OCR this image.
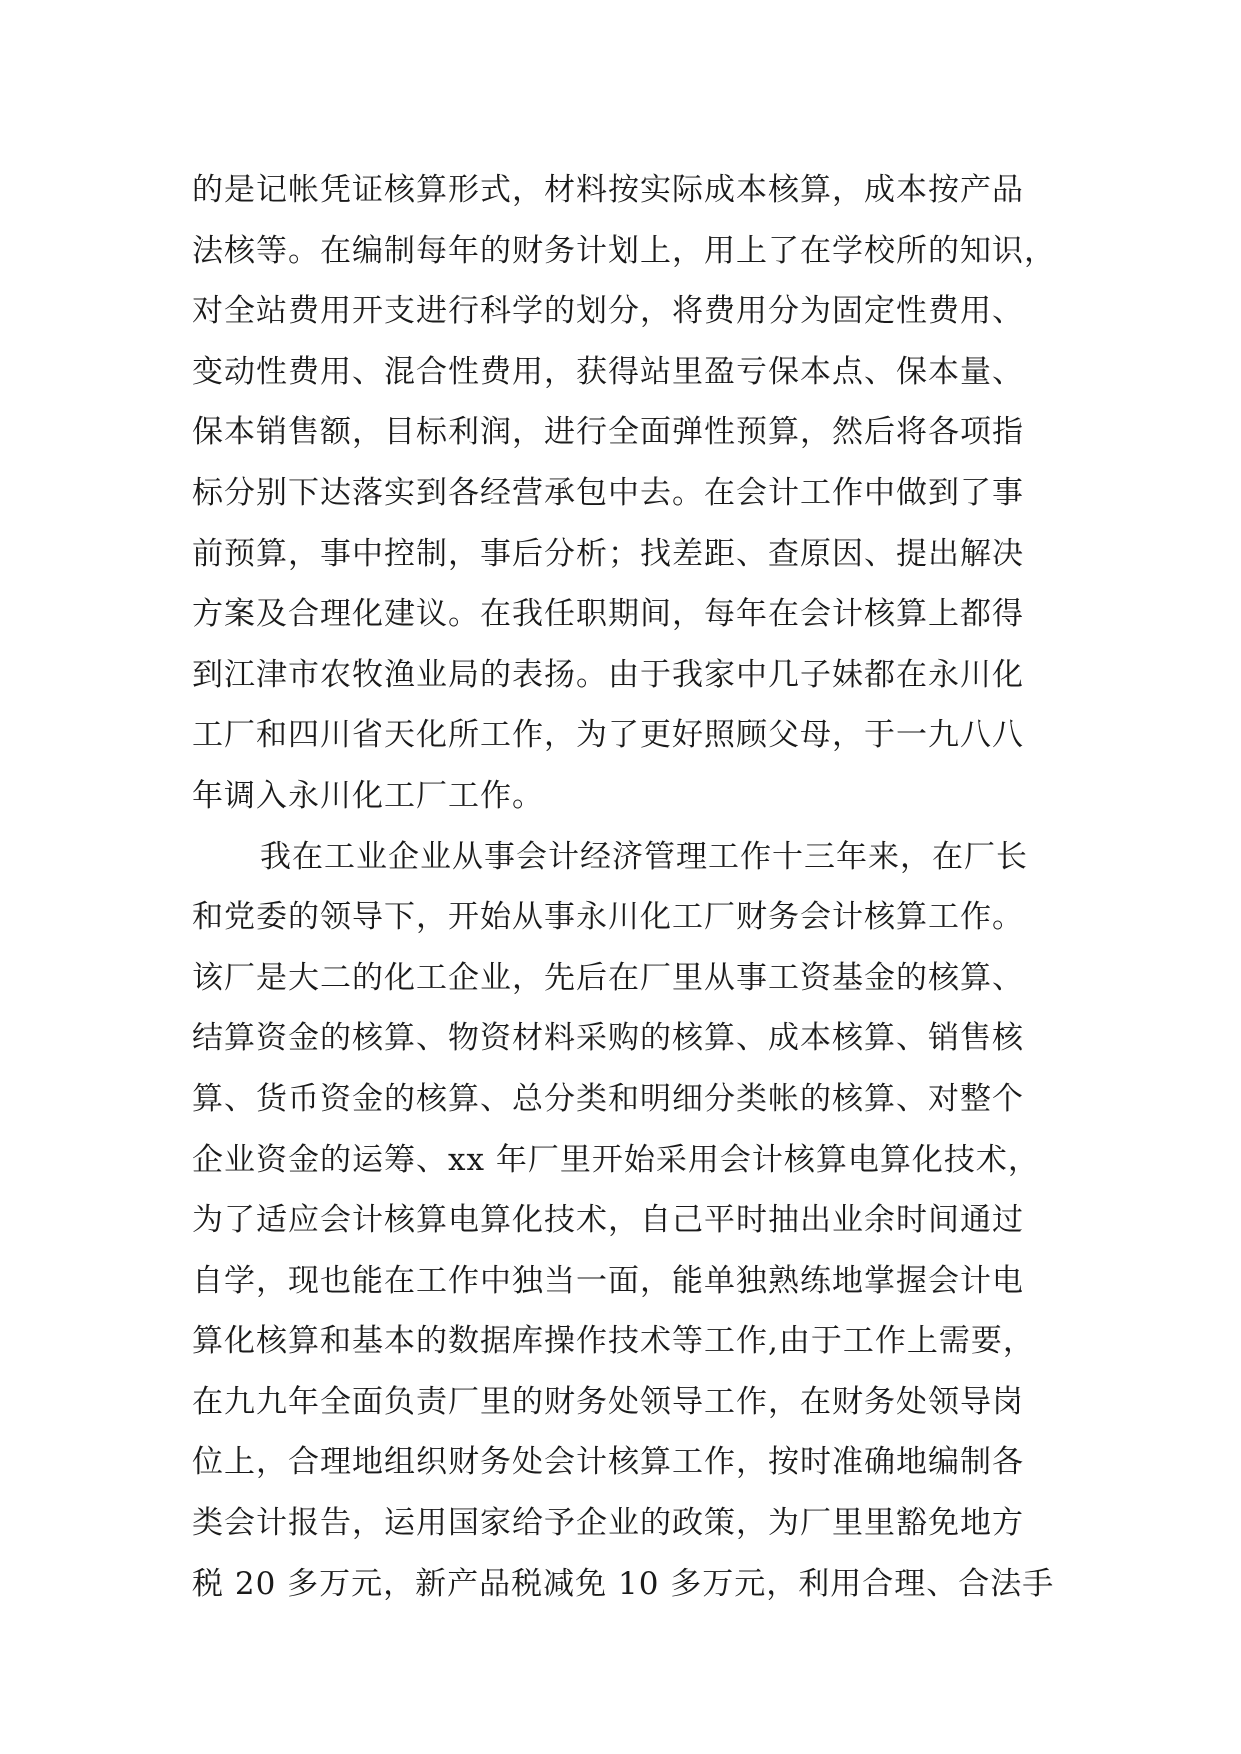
的是记帐凭证核算形式，材料按实际成本核算，成本按产品
法核等。在编制每年的财务计划上，用上了在学校所的知识，
对全站费用开支进行科学的划分，将费用分为固定性费用、
变动性费用、混合性费用，获得站里盈亏保本点、保本量、
保本销售额，目标利润，进行全面弹性预算，然后将各项指
标分别下达落实到各经营承包中去。在会计工作中做到了事
前预算，事中控制，事后分析；找差距、查原因、提出解决
方案及合理化建议。在我任职期间，每年在会计核算上都得
到江津市农牧渔业局的表扬。由于我家中几子妹都在永川化
工厂和四川省天化所工作，为了更好照顾父母，于一九八八
年调入永川化工厂工作。
我在工业企业从事会计经济管理工作十三年来，在厂长
和党委的领导下，开始从事永川化工厂财务会计核算工作。
该厂是大二的化工企业，先后在厂里从事工资基金的核算、
结算资金的核算、物资材料采购的核算、成本核算、销售核
算、货币资金的核算、总分类和明细分类帐的核算、对整个
企业资金的运筹、xx 年厂里开始采用会计核算电算化技术，
为了适应会计核算电算化技术，自己平时抽出业余时间通过
自学，现也能在工作中独当一面，能单独熟练地掌握会计电
算化核算和基本的数据库操作技术等工作,由于工作上需要，
在九九年全面负责厂里的财务处领导工作，在财务处领导岗
位上，合理地组织财务处会计核算工作，按时准确地编制各
类会计报告，运用国家给予企业的政策，为厂里里豁免地方
税 20 多万元，新产品税减免 10 多万元，利用合理、合法手
